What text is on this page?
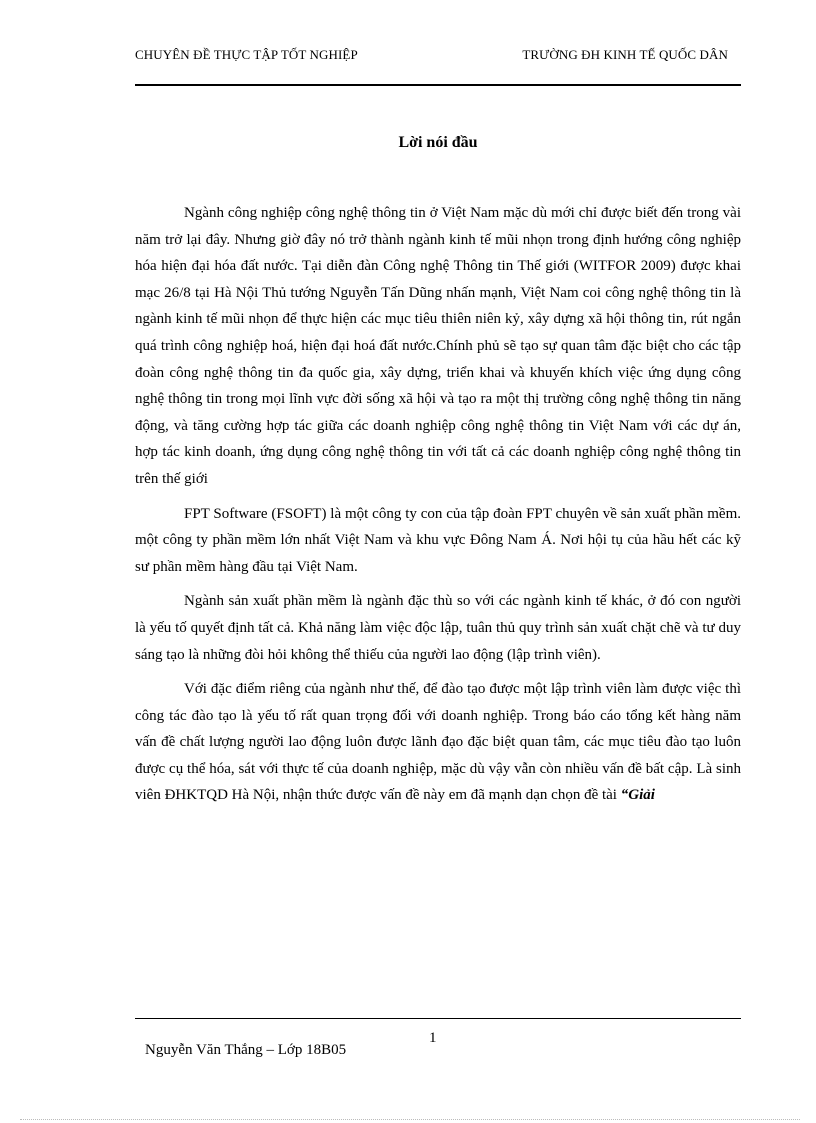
CHUYÊN ĐỀ THỰC TẬP TỐT NGHIỆP	TRƯỜNG ĐH KINH TẾ QUỐC DÂN
Lời nói đầu

Ngành công nghiệp công nghệ thông tin ở Việt Nam mặc dù mới chỉ được biết đến trong vài năm trở lại đây. Nhưng giờ đây nó trở thành ngành kinh tế mũi nhọn trong định hướng công nghiệp hóa hiện đại hóa đất nước. Tại diễn đàn Công nghệ Thông tin Thế giới (WITFOR 2009) được khai mạc 26/8 tại Hà Nội Thủ tướng Nguyễn Tấn Dũng nhấn mạnh, Việt Nam coi công nghệ thông tin là ngành kinh tế mũi nhọn để thực hiện các mục tiêu thiên niên kỷ, xây dựng xã hội thông tin, rút ngắn quá trình công nghiệp hoá, hiện đại hoá đất nước.Chính phủ sẽ tạo sự quan tâm đặc biệt cho các tập đoàn công nghệ thông tin đa quốc gia, xây dựng, triển khai và khuyến khích việc ứng dụng công nghệ thông tin trong mọi lĩnh vực đời sống xã hội và tạo ra một thị trường công nghệ thông tin năng động, và tăng cường hợp tác giữa các doanh nghiệp công nghệ thông tin Việt Nam với các dự án, hợp tác kinh doanh, ứng dụng công nghệ thông tin với tất cả các doanh nghiệp công nghệ thông tin trên thế giới

FPT Software (FSOFT) là một công ty con của tập đoàn FPT chuyên về sản xuất phần mềm. một công ty phần mềm lớn nhất Việt Nam và khu vực Đông Nam Á. Nơi hội tụ của hầu hết các kỹ sư phần mềm hàng đầu tại Việt Nam.

Ngành sản xuất phần mềm là ngành đặc thù so với các ngành kinh tế khác, ở đó con người là yếu tố quyết định tất cả. Khả năng làm việc độc lập, tuân thủ quy trình sản xuất chặt chẽ và tư duy sáng tạo là những đòi hỏi không thể thiếu của người lao động (lập trình viên).

Với đặc điểm riêng của ngành như thế, để đào tạo được một lập trình viên làm được việc thì công tác đào tạo là yếu tố rất quan trọng đối với doanh nghiệp. Trong báo cáo tổng kết hàng năm vấn đề chất lượng người lao động luôn được lãnh đạo đặc biệt quan tâm, các mục tiêu đào tạo luôn được cụ thể hóa, sát với thực tế của doanh nghiệp, mặc dù vậy vẫn còn nhiều vấn đề bất cập. Là sinh viên ĐHKTQD Hà Nội, nhận thức được vấn đề này em đã mạnh dạn chọn đề tài “Giải

1
Nguyễn Văn Thắng – Lớp 18B05
